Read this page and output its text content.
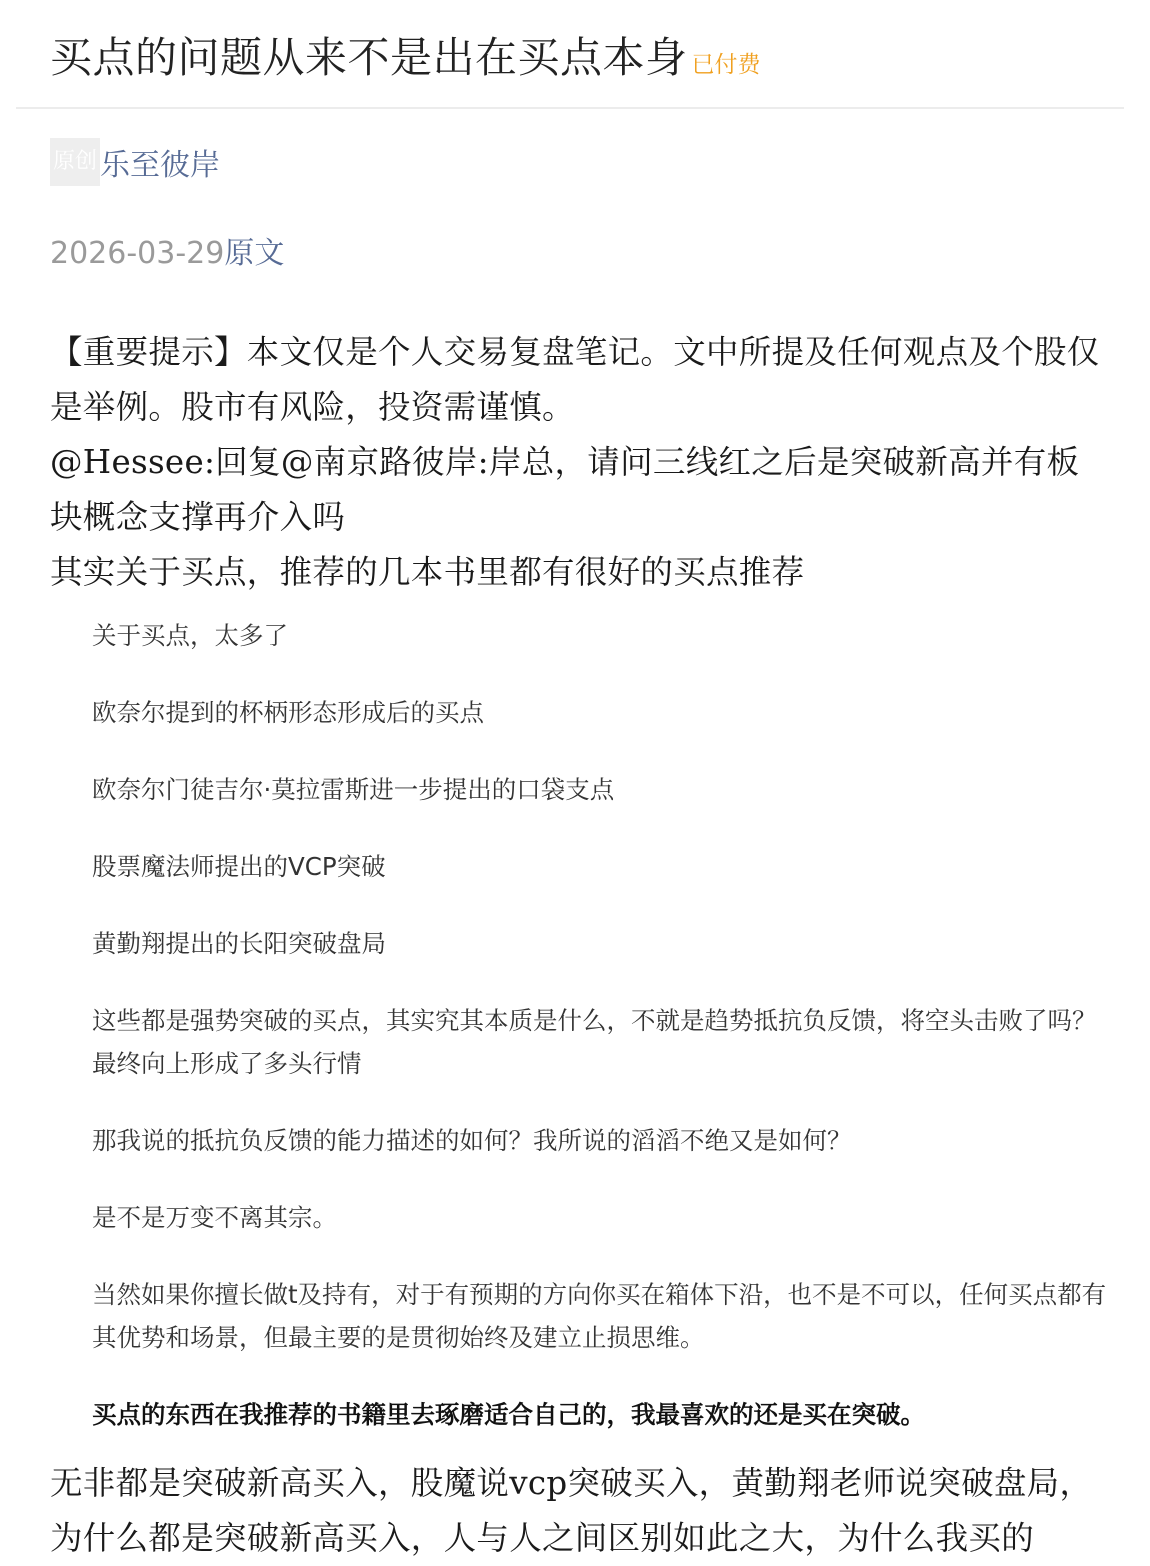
买点的问题从来不是出在买点本身 已付费
原创 乐至彼岸
2026-03-29原文

【重要提示】本文仅是个人交易复盘笔记。文中所提及任何观点及个股仅是举例。股市有风险，投资需谨慎。

@Hessee:回复@南京路彼岸:岸总，请问三线红之后是突破新高并有板块概念支撑再介入吗

其实关于买点，推荐的几本书里都有很好的买点推荐

关于买点，太多了

欧奈尔提到的杯柄形态形成后的买点

欧奈尔门徒吉尔·莫拉雷斯进一步提出的口袋支点

股票魔法师提出的VCP突破

黄勤翔提出的长阳突破盘局

这些都是强势突破的买点，其实究其本质是什么，不就是趋势抵抗负反馈，将空头击败了吗？最终向上形成了多头行情

那我说的抵抗负反馈的能力描述的如何？我所说的滔滔不绝又是如何？

是不是万变不离其宗。

当然如果你擅长做t及持有，对于有预期的方向你买在箱体下沿，也不是不可以，任何买点都有其优势和场景，但最主要的是贯彻始终及建立止损思维。

买点的东西在我推荐的书籍里去琢磨适合自己的，我最喜欢的还是买在突破。

无非都是突破新高买入，股魔说vcp突破买入，黄勤翔老师说突破盘局，为什么都是突破新高买入，人与人之间区别如此之大，为什么我买的
